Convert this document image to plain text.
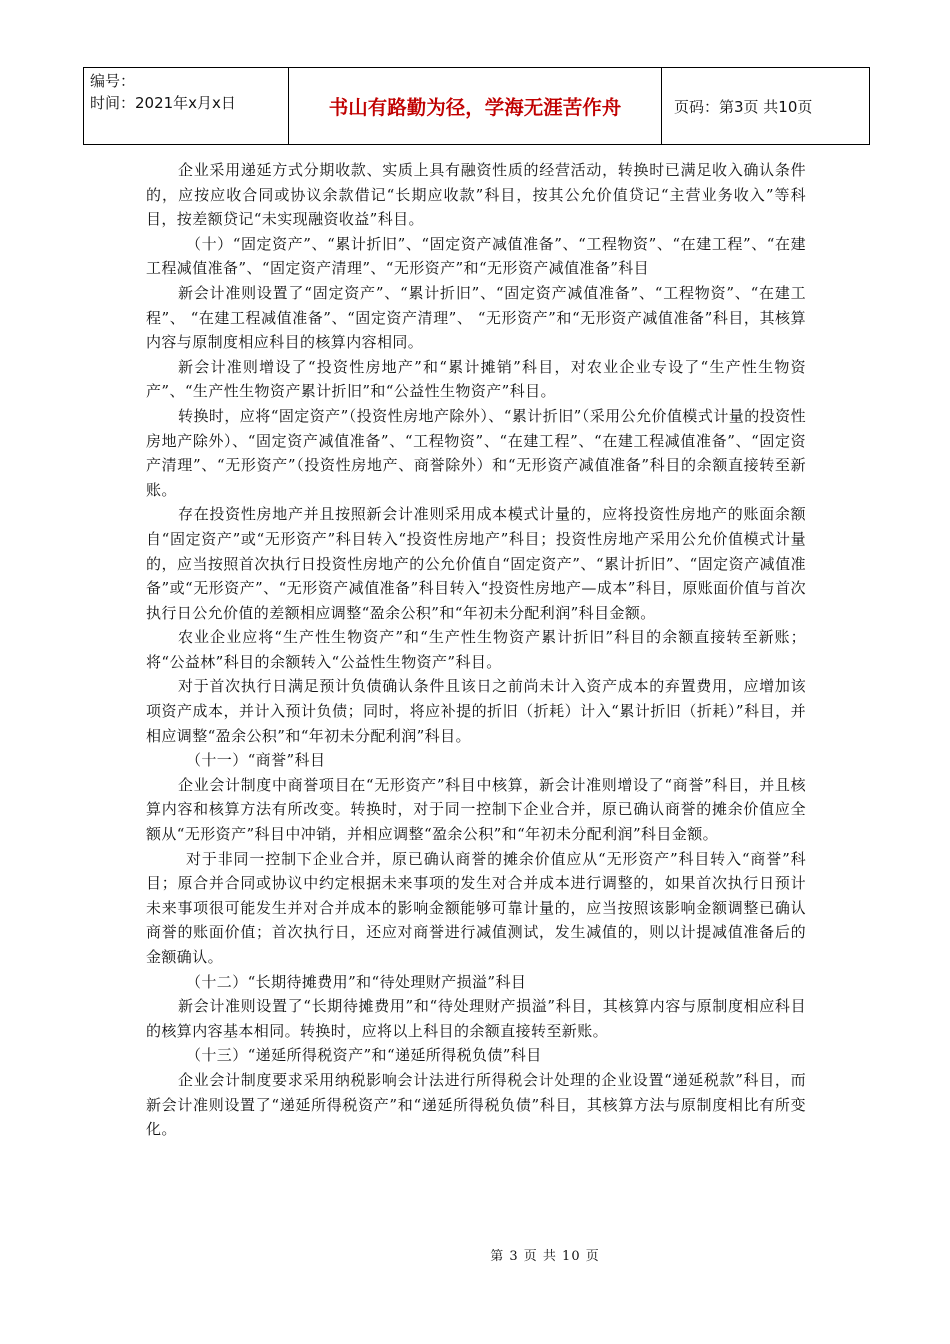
编号：
时间：2021年x月x日	书山有路勤为径，学海无涯苦作舟	页码：第3页 共10页

企业采用递延方式分期收款、实质上具有融资性质的经营活动，转换时已满足收入确认条件的，应按应收合同或协议余款借记“长期应收款”科目，按其公允价值贷记“主营业务收入”等科目，按差额贷记“未实现融资收益”科目。

（十）“固定资产”、“累计折旧”、“固定资产减值准备”、“工程物资”、“在建工程”、“在建工程减值准备”、“固定资产清理”、“无形资产”和“无形资产减值准备”科目

新会计准则设置了“固定资产”、“累计折旧”、“固定资产减值准备”、“工程物资”、“在建工程”、 “在建工程减值准备”、“固定资产清理”、 “无形资产”和“无形资产减值准备”科目，其核算内容与原制度相应科目的核算内容相同。

新会计准则增设了“投资性房地产”和“累计摊销”科目，对农业企业专设了“生产性生物资产”、“生产性生物资产累计折旧”和“公益性生物资产”科目。

转换时，应将“固定资产”（投资性房地产除外）、“累计折旧”（采用公允价值模式计量的投资性房地产除外）、“固定资产减值准备”、“工程物资”、“在建工程”、“在建工程减值准备”、“固定资产清理”、“无形资产”（投资性房地产、商誉除外）和“无形资产减值准备”科目的余额直接转至新账。

存在投资性房地产并且按照新会计准则采用成本模式计量的，应将投资性房地产的账面余额自“固定资产”或“无形资产”科目转入“投资性房地产”科目；投资性房地产采用公允价值模式计量的，应当按照首次执行日投资性房地产的公允价值自“固定资产”、“累计折旧”、“固定资产减值准备”或“无形资产”、“无形资产减值准备”科目转入“投资性房地产—成本”科目，原账面价值与首次执行日公允价值的差额相应调整“盈余公积”和“年初未分配利润”科目金额。

农业企业应将“生产性生物资产”和“生产性生物资产累计折旧”科目的余额直接转至新账；将“公益林”科目的余额转入“公益性生物资产”科目。

对于首次执行日满足预计负债确认条件且该日之前尚未计入资产成本的弃置费用，应增加该项资产成本，并计入预计负债；同时，将应补提的折旧（折耗）计入“累计折旧（折耗）”科目，并相应调整“盈余公积”和“年初未分配利润”科目。

（十一）“商誉”科目

企业会计制度中商誉项目在“无形资产”科目中核算，新会计准则增设了“商誉”科目，并且核算内容和核算方法有所改变。转换时，对于同一控制下企业合并，原已确认商誉的摊余价值应全额从“无形资产”科目中冲销，并相应调整“盈余公积”和“年初未分配利润”科目金额。

对于非同一控制下企业合并，原已确认商誉的摊余价值应从“无形资产”科目转入“商誉”科目；原合并合同或协议中约定根据未来事项的发生对合并成本进行调整的，如果首次执行日预计未来事项很可能发生并对合并成本的影响金额能够可靠计量的，应当按照该影响金额调整已确认商誉的账面价值；首次执行日，还应对商誉进行减值测试，发生减值的，则以计提减值准备后的金额确认。

（十二）“长期待摊费用”和“待处理财产损溢”科目

新会计准则设置了“长期待摊费用”和“待处理财产损溢”科目，其核算内容与原制度相应科目的核算内容基本相同。转换时，应将以上科目的余额直接转至新账。

（十三）“递延所得税资产”和“递延所得税负债”科目

企业会计制度要求采用纳税影响会计法进行所得税会计处理的企业设置“递延税款”科目，而新会计准则设置了“递延所得税资产”和“递延所得税负债”科目，其核算方法与原制度相比有所变化。

第 3 页 共 10 页
